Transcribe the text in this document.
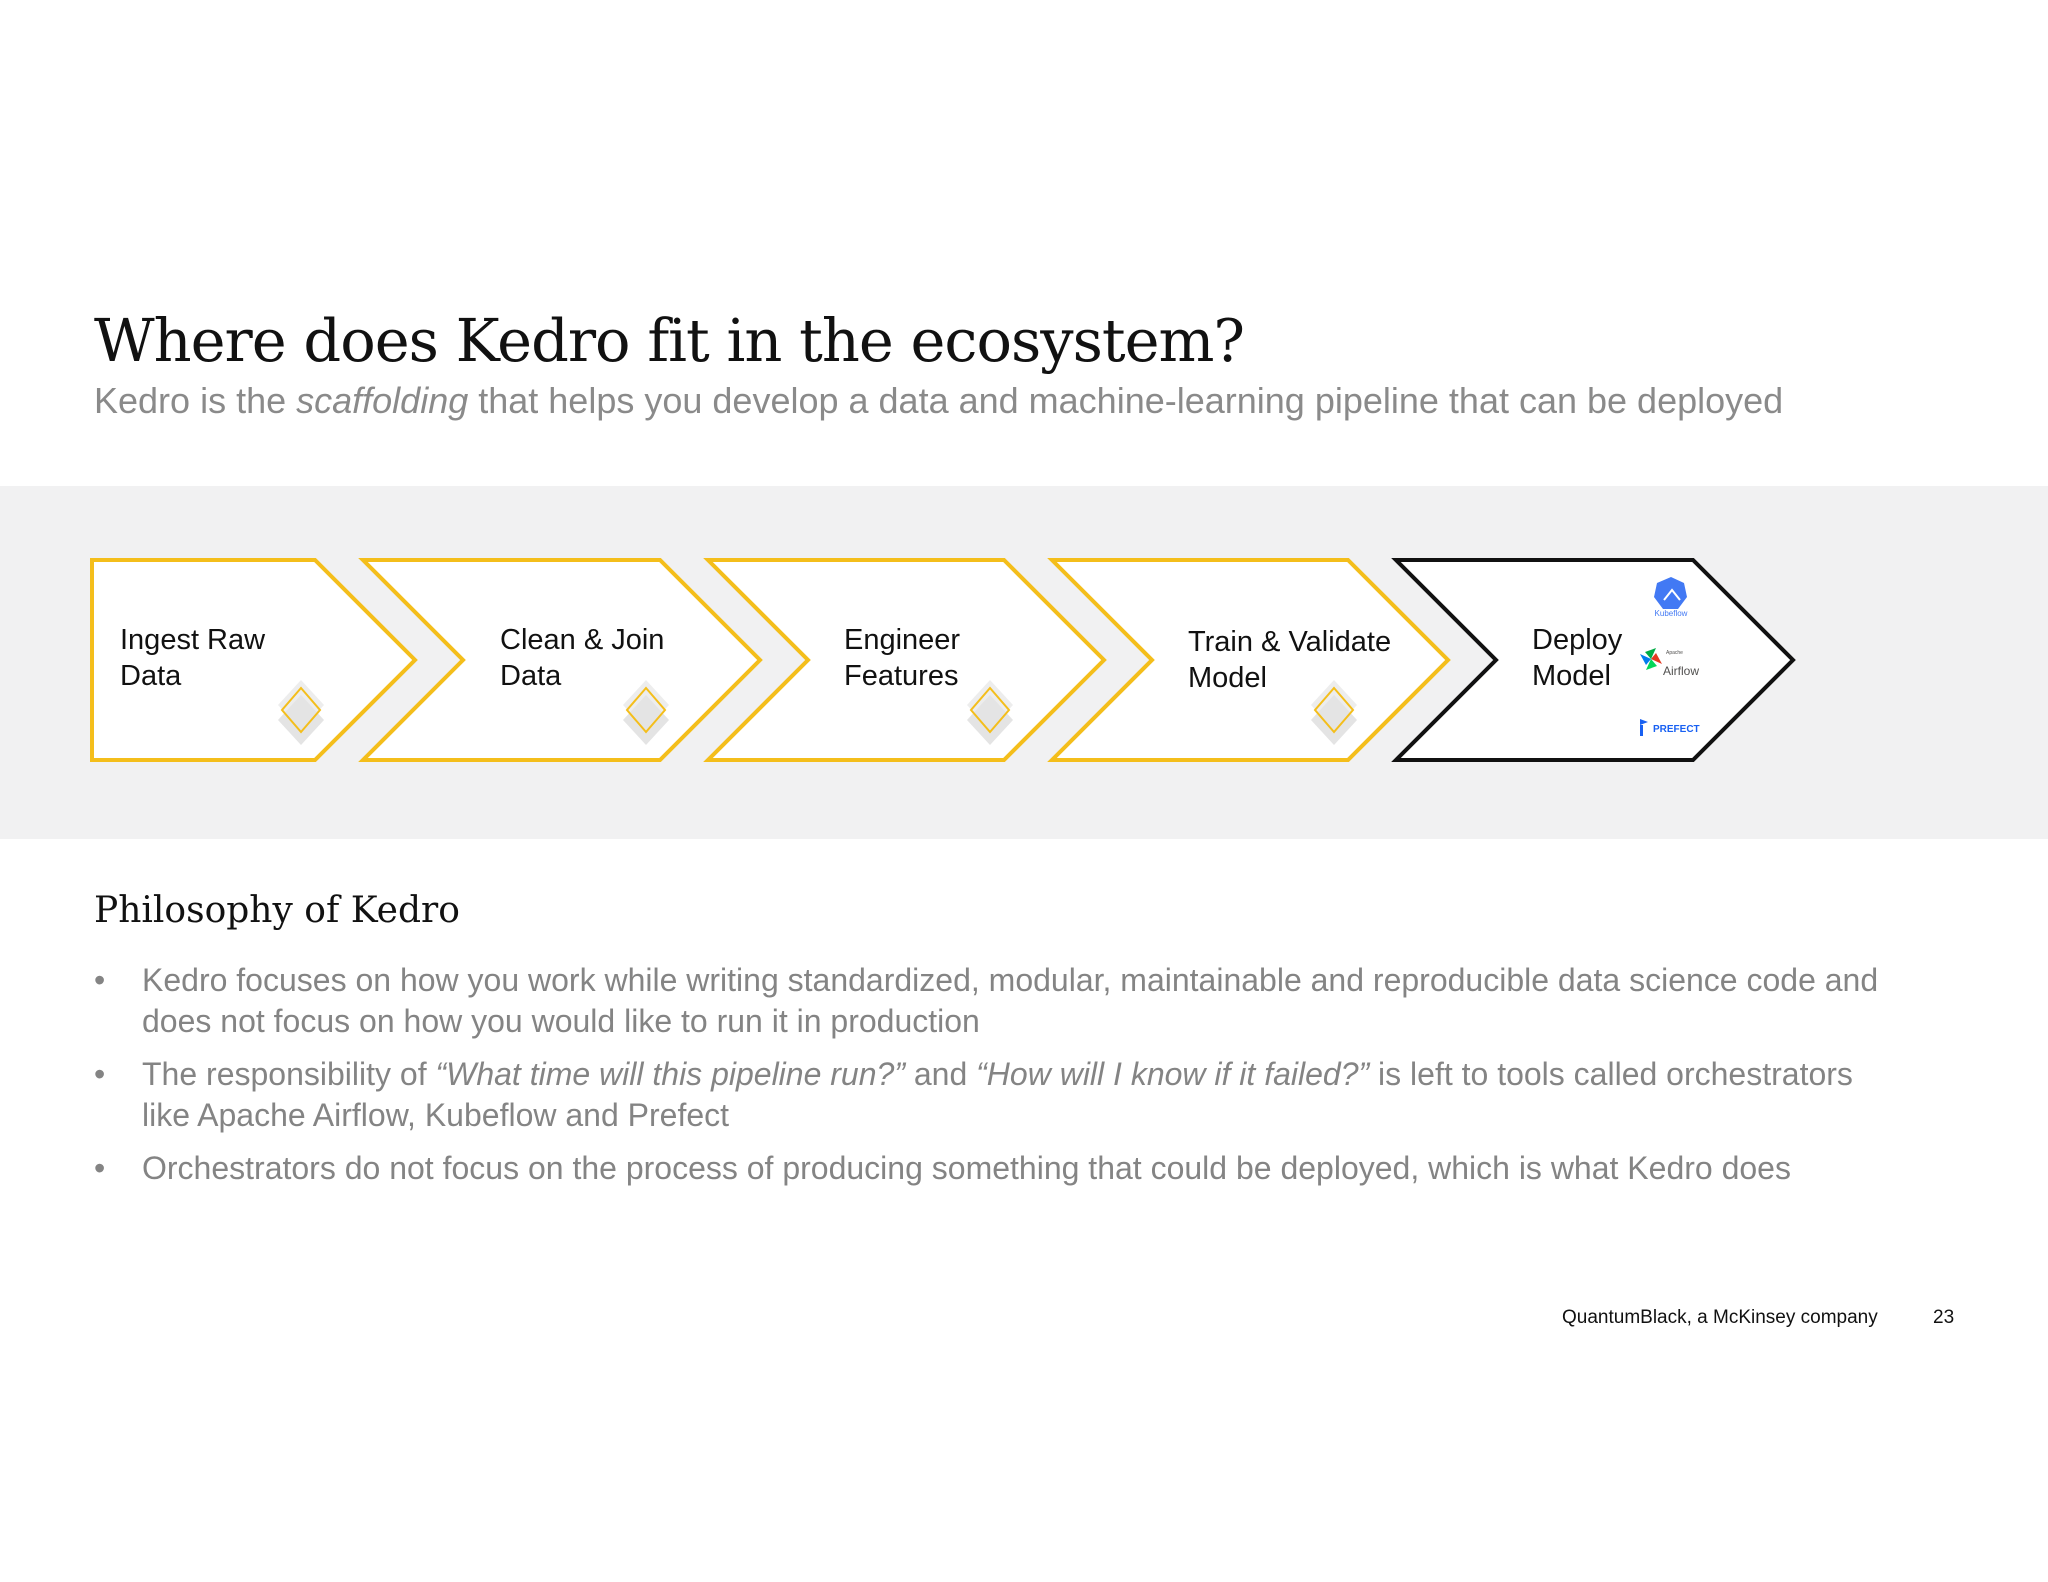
Where does Kedro fit in the ecosystem?
Kedro is the scaffolding that helps you develop a data and machine-learning pipeline that can be deployed
Kubeflow
Apache
Airflow
PREFECT
Ingest Raw
Data
Clean & Join
Data
Engineer
Features
Train & Validate
Model
Deploy
Model
Philosophy of Kedro
• Kedro focuses on how you work while writing standardized, modular, maintainable and reproducible data science code and does not focus on how you would like to run it in production
• The responsibility of “What time will this pipeline run?” and “How will I know if it failed?” is left to tools called orchestrators like Apache Airflow, Kubeflow and Prefect
• Orchestrators do not focus on the process of producing something that could be deployed, which is what Kedro does
QuantumBlack, a McKinsey company	23
